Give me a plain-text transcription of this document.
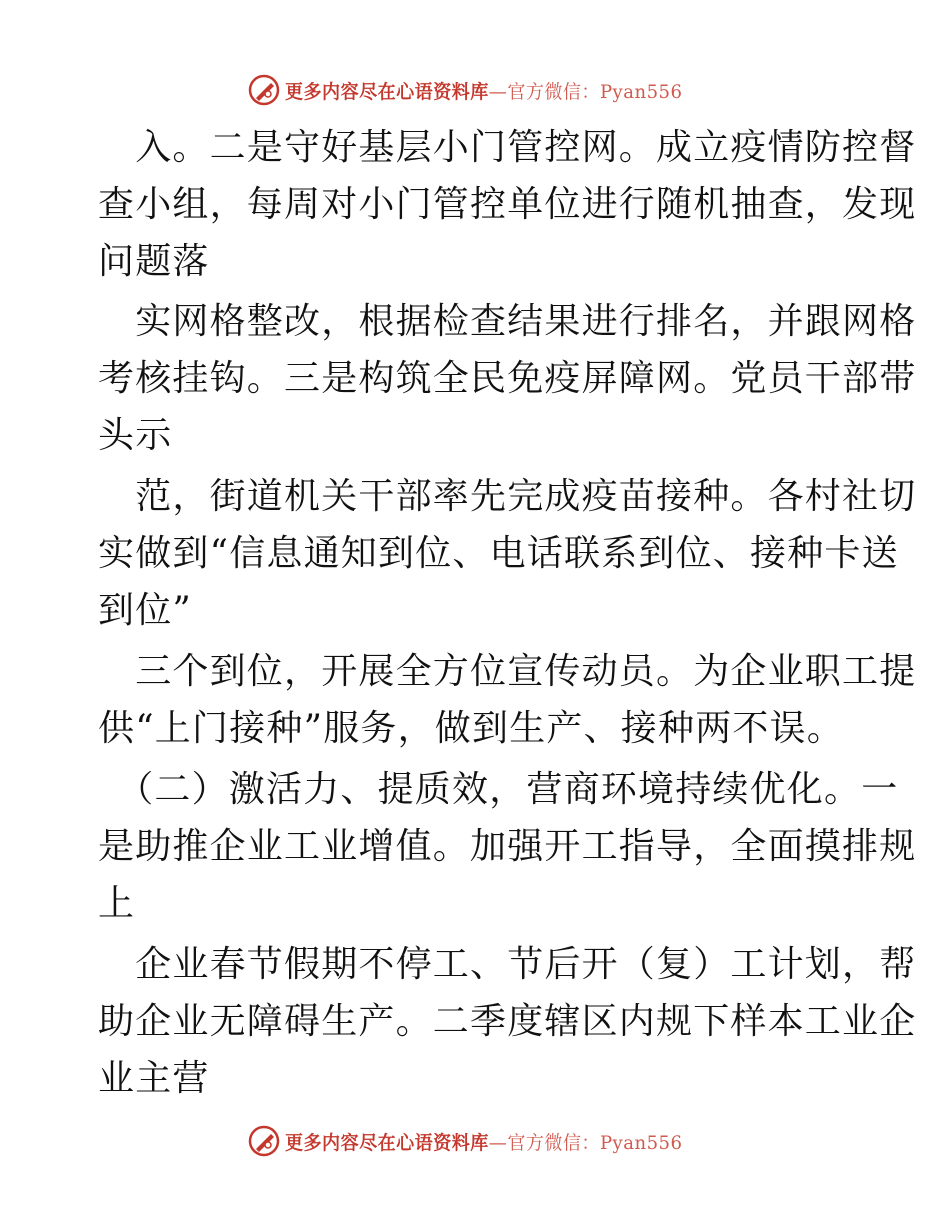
更多内容尽在心语资料库—官方微信：Pyan556
　入。二是守好基层小门管控网。成立疫情防控督
查小组，每周对小门管控单位进行随机抽查，发现
问题落
　实网格整改，根据检查结果进行排名，并跟网格
考核挂钩。三是构筑全民免疫屏障网。党员干部带
头示
　范，街道机关干部率先完成疫苗接种。各村社切
实做到“信息通知到位、电话联系到位、接种卡送
到位”
　三个到位，开展全方位宣传动员。为企业职工提
供“上门接种”服务，做到生产、接种两不误。
　（二）激活力、提质效，营商环境持续优化。一
是助推企业工业增值。加强开工指导，全面摸排规
上
　企业春节假期不停工、节后开（复）工计划，帮
助企业无障碍生产。二季度辖区内规下样本工业企
业主营
更多内容尽在心语资料库—官方微信：Pyan556
